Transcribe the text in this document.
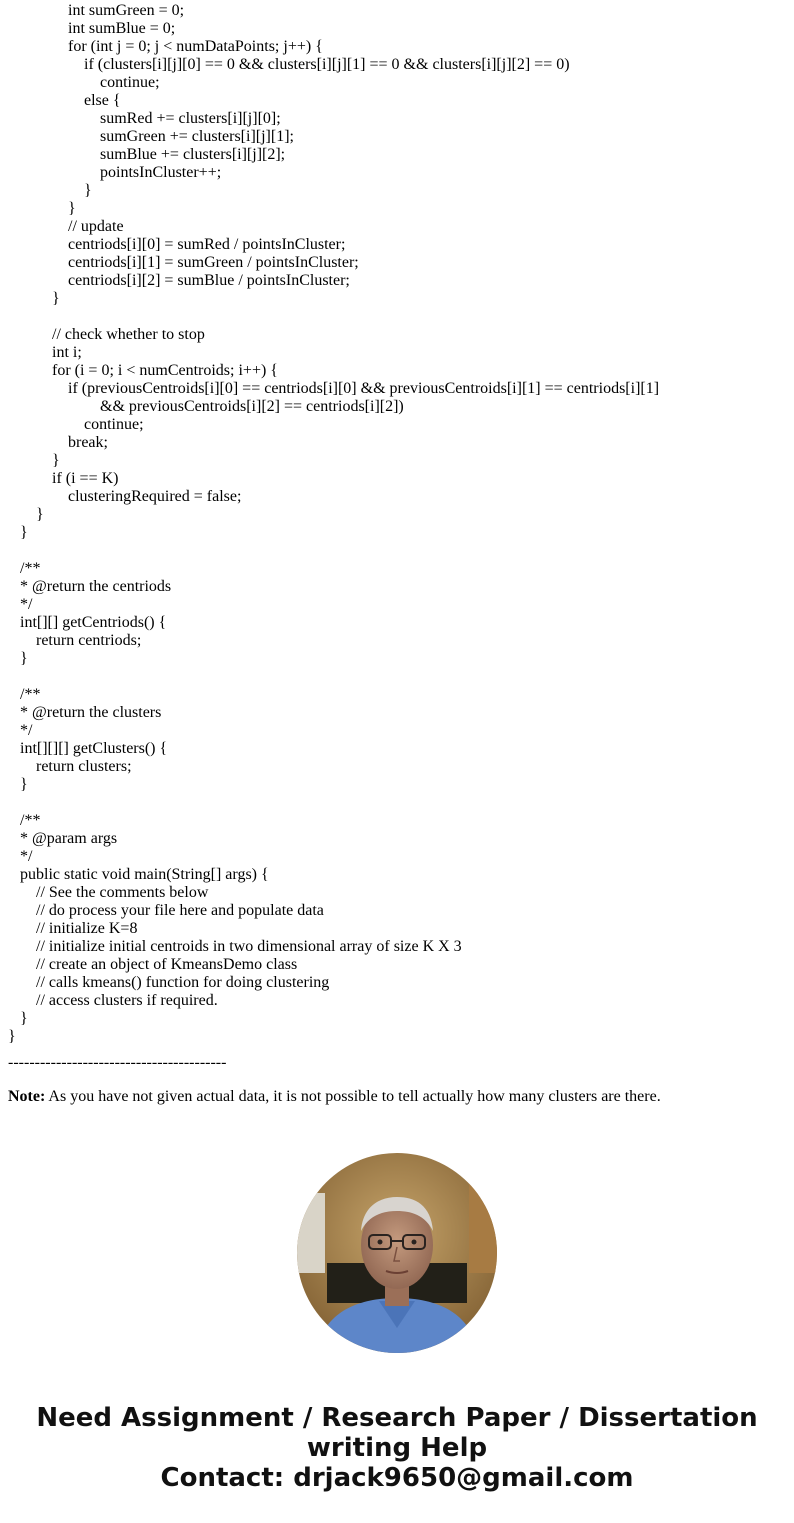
int sumGreen = 0;
int sumBlue = 0;
for (int j = 0; j < numDataPoints; j++) {
if (clusters[i][j][0] == 0 && clusters[i][j][1] == 0 && clusters[i][j][2] == 0)
continue;
else {
sumRed += clusters[i][j][0];
sumGreen += clusters[i][j][1];
sumBlue += clusters[i][j][2];
pointsInCluster++;
}
}
// update
centriods[i][0] = sumRed / pointsInCluster;
centriods[i][1] = sumGreen / pointsInCluster;
centriods[i][2] = sumBlue / pointsInCluster;
}
// check whether to stop
int i;
for (i = 0; i < numCentroids; i++) {
if (previousCentroids[i][0] == centriods[i][0] && previousCentroids[i][1] == centriods[i][1]
&& previousCentroids[i][2] == centriods[i][2])
continue;
break;
}
if (i == K)
clusteringRequired = false;
}
}
/**
* @return the centriods
*/
int[][] getCentriods() {
return centriods;
}
/**
* @return the clusters
*/
int[][][] getClusters() {
return clusters;
}
/**
* @param args
*/
public static void main(String[] args) {
// See the comments below
// do process your file here and populate data
// initialize K=8
// initialize initial centroids in two dimensional array of size K X 3
// create an object of KmeansDemo class
// calls kmeans() function for doing clustering
// access clusters if required.
}
}
-----------------------------------------
Note: As you have not given actual data, it is not possible to tell actually how many clusters are there.
Need Assignment / Research Paper / Dissertation
writing Help
Contact: drjack9650@gmail.com
